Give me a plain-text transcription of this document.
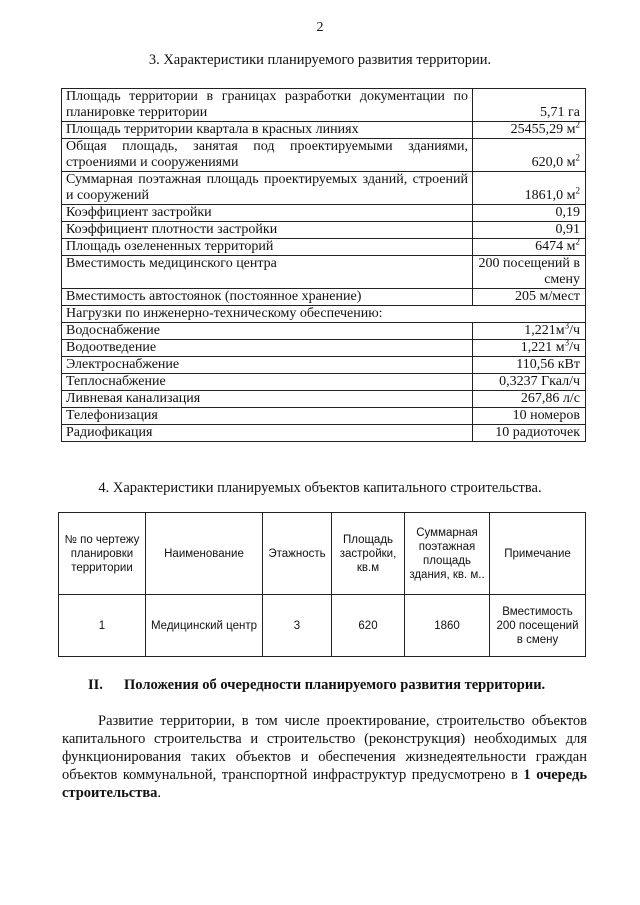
2
3. Характеристики планируемого развития территории.
Площадь территории в границах разработки документации по планировке территории	5,71 га
Площадь территории квартала в красных линиях	25455,29 $м^2$
Общая площадь, занятая под проектируемыми зданиями, строениями и сооружениями	620,0 $м^2$
Суммарная поэтажная площадь проектируемых зданий, строений и сооружений	1861,0 $м^2$
Коэффициент застройки	0,19
Коэффициент плотности застройки	0,91
Площадь озелененных территорий	6474 $м^2$
Вместимость медицинского центра	200 посещений в смену
Вместимость автостоянок (постоянное хранение)	205 м/мест
Нагрузки по инженерно-техническому обеспечению:	
Водоснабжение	$1,221м^3/ч$
Водоотведение	1,221 $м^3/ч$
Электроснабжение	110,56 кВт
Теплоснабжение	0,3237 Гкал/ч
Ливневая канализация	267,86 л/с
Телефонизация	10 номеров
Радиофикация	10 радиоточек
4. Характеристики планируемых объектов капитального строительства.
№ по чертежу планировки территории	Наименование	Этажность	Площадь застройки, кв.м	Суммарная поэтажная площадь здания, кв. м..	Примечание
1	Медицинский центр	3	620	1860	Вместимость 200 посещений в смену
II. Положения об очередности планируемого развития территории.
Развитие территории, в том числе проектирование, строительство объектов капитального строительства и строительство (реконструкция) необходимых для функционирования таких объектов и обеспечения жизнедеятельности граждан объектов коммунальной, транспортной инфраструктур предусмотрено в 1 очередь строительства.
